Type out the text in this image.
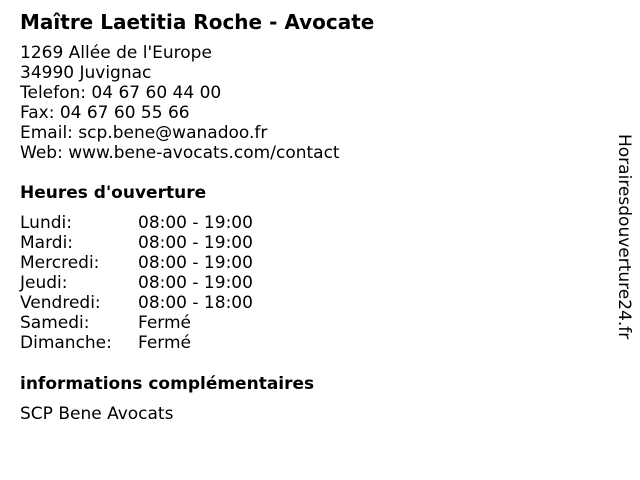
Maître Laetitia Roche - Avocate
1269 Allée de l'Europe
34990 Juvignac
Telefon: 04 67 60 44 00
Fax: 04 67 60 55 66
Email: scp.bene@wanadoo.fr
Web: www.bene-avocats.com/contact
Heures d'ouverture
Lundi:	08:00 - 19:00
Mardi:	08:00 - 19:00
Mercredi: 08:00 - 19:00
Jeudi:	08:00 - 19:00
Vendredi: 08:00 - 18:00
Samedi:	Fermé
Dimanche: Fermé
informations complémentaires
SCP Bene Avocats
Horairesdouverture24.fr
